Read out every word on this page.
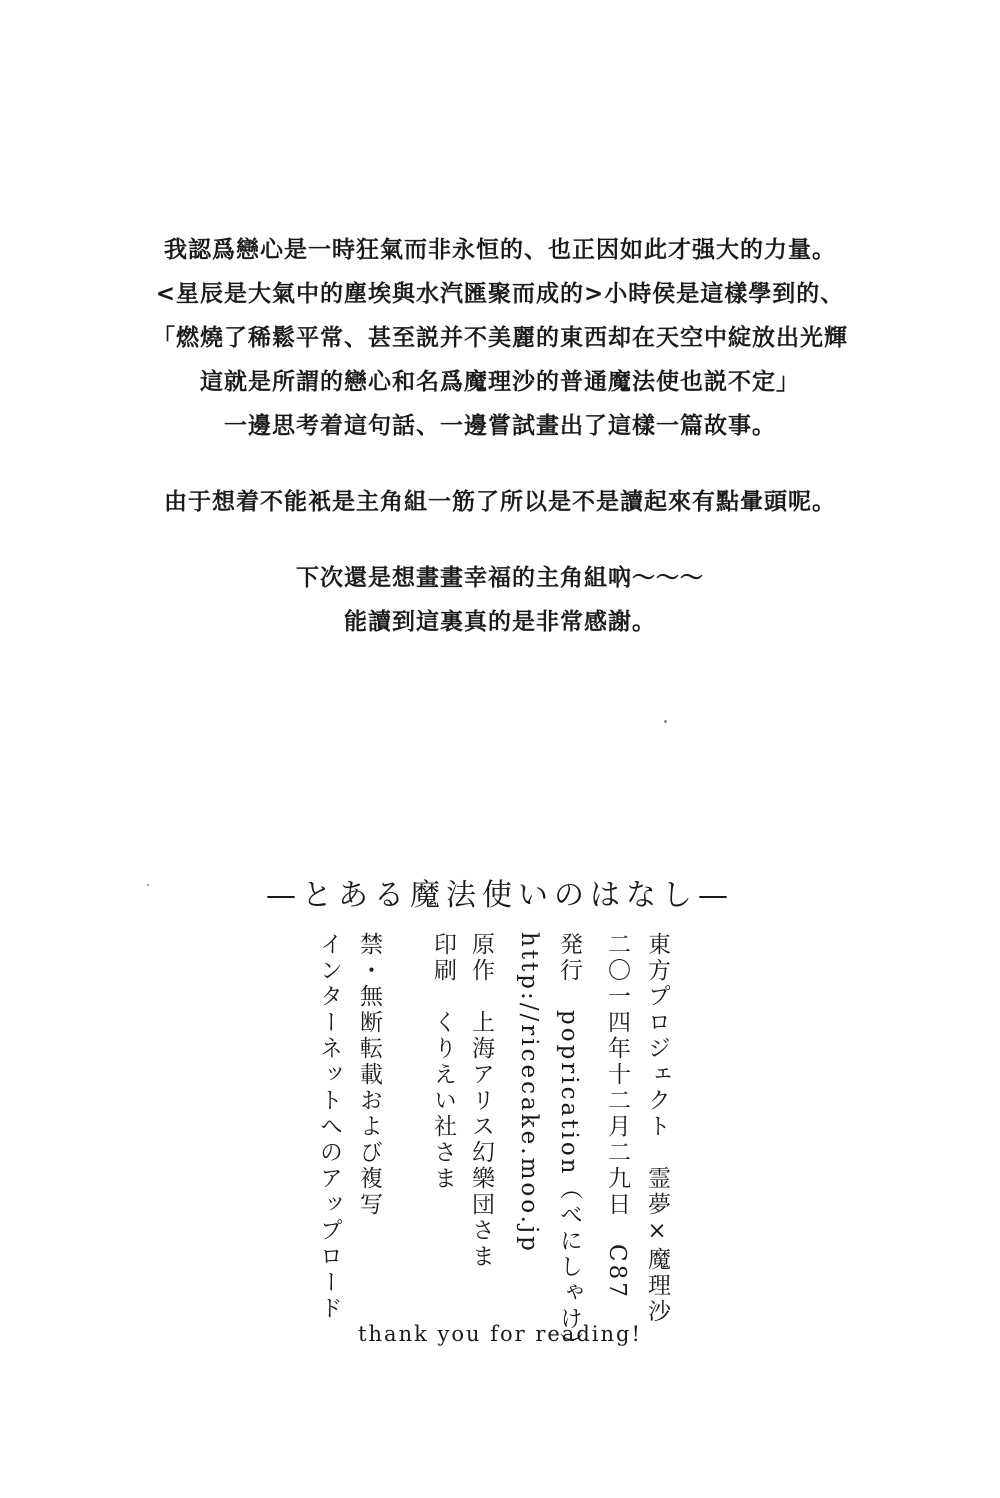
我認爲戀心是一時狂氣而非永恒的、也正因如此才强大的力量。
<星辰是大氣中的塵埃與水汽匯聚而成的>小時侯是這樣學到的、
「燃燒了稀鬆平常、甚至説并不美麗的東西却在天空中綻放出光輝
這就是所謂的戀心和名爲魔理沙的普通魔法使也説不定」
一邊思考着這句話、一邊嘗試畫出了這樣一篇故事。
由于想着不能衹是主角組一筋了所以是不是讀起來有點暈頭呢。
下次還是想畫畫幸福的主角組吶～～～
能讀到這裏真的是非常感謝。
—とある魔法使いのはなし—
東方プロジェクト　霊夢×魔理沙
二〇一四年十二月二九日　C87
発行　poprication（べにしゃけ）
http://ricecake.moo.jp
原作　上海アリス幻樂団さま
印刷　くりえい社さま
禁・無断転載および複写
インターネットへのアップロード
thank you for reading!
